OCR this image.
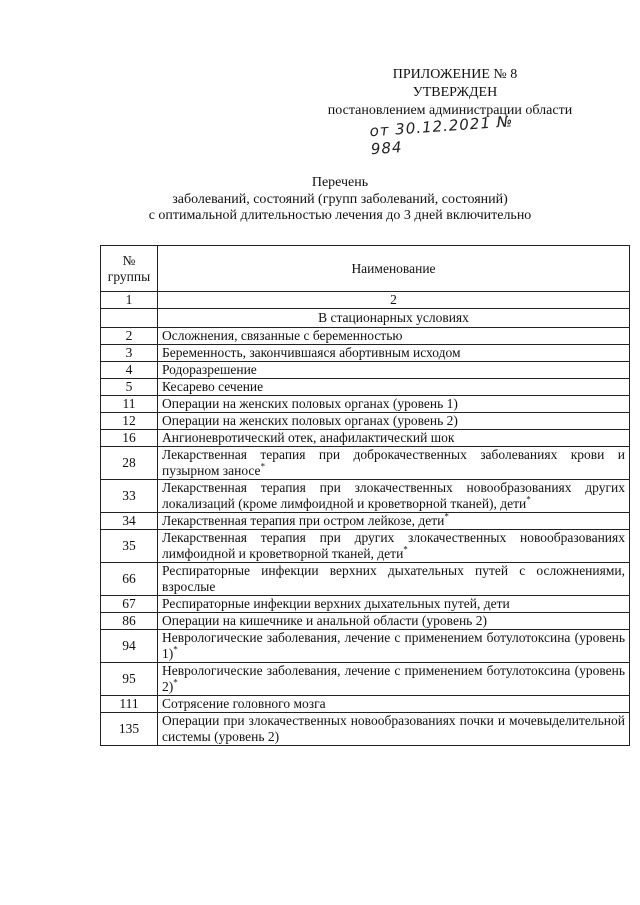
ПРИЛОЖЕНИЕ № 8
УТВЕРЖДЕН
постановлением администрации области
от 30.12.2021 № 984
Перечень
заболеваний, состояний (групп заболеваний, состояний)
с оптимальной длительностью лечения до 3 дней включительно
№
группы	Наименование
1	2
	В стационарных условиях
2	Осложнения, связанные с беременностью
3	Беременность, закончившаяся абортивным исходом
4	Родоразрешение
5	Кесарево сечение
11	Операции на женских половых органах (уровень 1)
12	Операции на женских половых органах (уровень 2)
16	Ангионевротический отек, анафилактический шок
28	Лекарственная терапия при доброкачественных заболеваниях крови и пузырном заносе*
33	Лекарственная терапия при злокачественных новообразованиях других локализаций (кроме лимфоидной и кроветворной тканей), дети*
34	Лекарственная терапия при остром лейкозе, дети*
35	Лекарственная терапия при других злокачественных новообразованиях лимфоидной и кроветворной тканей, дети*
66	Респираторные инфекции верхних дыхательных путей с осложнениями, взрослые
67	Респираторные инфекции верхних дыхательных путей, дети
86	Операции на кишечнике и анальной области (уровень 2)
94	Неврологические заболевания, лечение с применением ботулотоксина (уровень 1)*
95	Неврологические заболевания, лечение с применением ботулотоксина (уровень 2)*
111	Сотрясение головного мозга
135	Операции при злокачественных новообразованиях почки и мочевыделительной системы (уровень 2)
